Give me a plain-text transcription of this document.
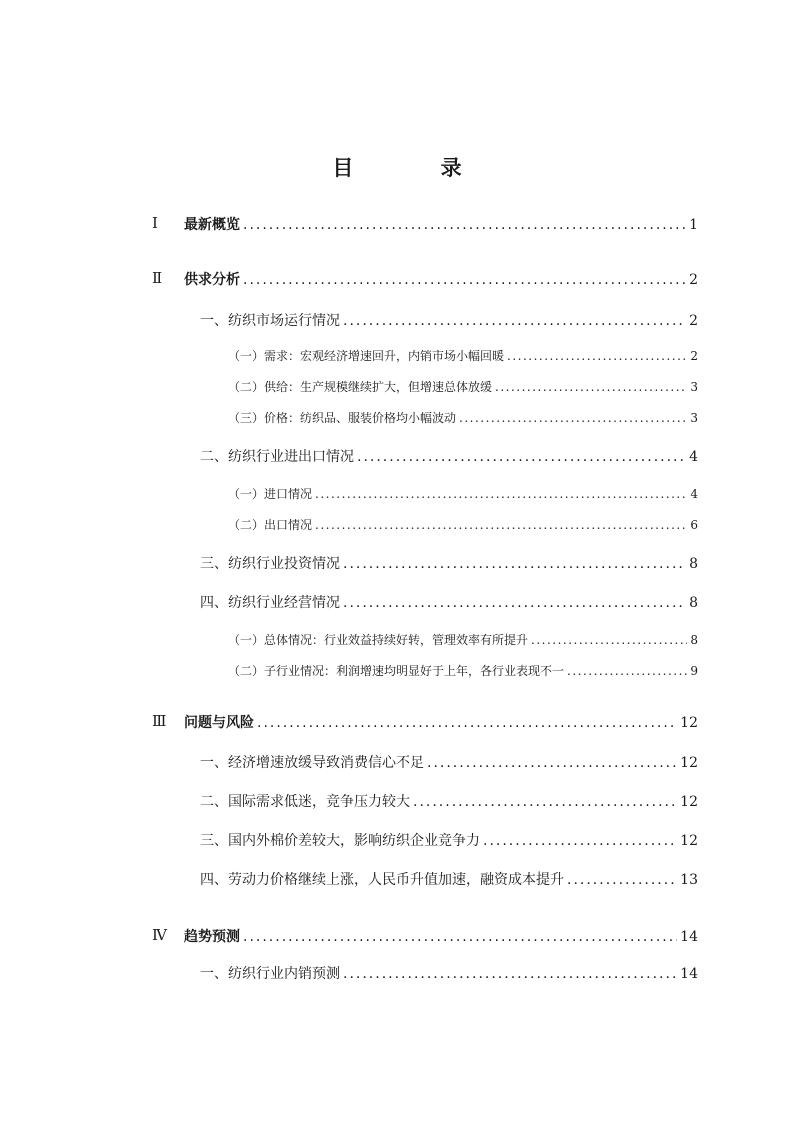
目 录
Ⅰ 最新概览 .....	1
Ⅱ 供求分析 .....	2
一、纺织市场运行情况 .....	2
（一）需求：宏观经济增速回升，内销市场小幅回暖 .....	2
（二）供给：生产规模继续扩大，但增速总体放缓 .....	3
（三）价格：纺织品、服装价格均小幅波动 .....	3
二、纺织行业进出口情况 .....	4
（一）进口情况 .....	4
（二）出口情况 .....	6
三、纺织行业投资情况 .....	8
四、纺织行业经营情况 .....	8
（一）总体情况：行业效益持续好转，管理效率有所提升 .....	8
（二）子行业情况：利润增速均明显好于上年，各行业表现不一 .....	9
Ⅲ 问题与风险 .....	12
一、经济增速放缓导致消费信心不足 .....	12
二、国际需求低迷，竞争压力较大 .....	12
三、国内外棉价差较大，影响纺织企业竞争力 .....	12
四、劳动力价格继续上涨，人民币升值加速，融资成本提升 .....	13
Ⅳ 趋势预测 .....	14
一、纺织行业内销预测 .....	14
